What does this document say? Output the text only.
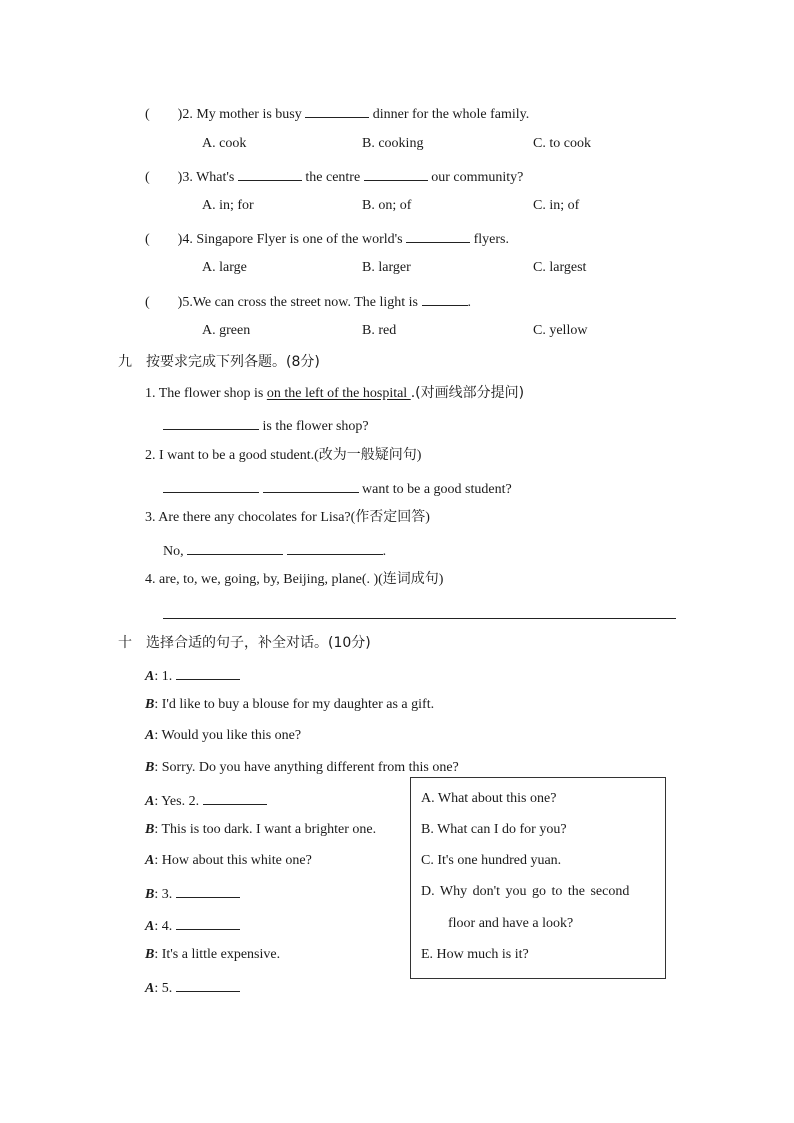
( )2. My mother is busy	dinner for the whole family.
A. cook	B. cooking	C. to cook
( )3. What's	the centre	our community?
A. in; for	B. on; of	C. in; of
( )4. Singapore Flyer is one of the world's	flyers.
A. large	B. larger	C. largest
( )5.We can cross the street now. The light is	.
A. green	B. red	C. yellow
九　按要求完成下列各题。(8分)
1. The flower shop is on the left of the hospital .(对画线部分提问)
is the flower shop?
2. I want to be a good student.(改为一般疑问句)
want to be a good student?
3. Are there any chocolates for Lisa?(作否定回答)
No,	.
4. are, to, we, going, by, Beijing, plane(. )(连词成句)
十　选择合适的句子，补全对话。(10分)
A. What about this one?
B. What can I do for you?
C. It's one hundred yuan.
D. Why don't you go to the second
floor and have a look?
E. How much is it?
A: 1.
B: I'd like to buy a blouse for my daughter as a gift.
A: Would you like this one?
B: Sorry. Do you have anything different from this one?
A: Yes. 2.
B: This is too dark. I want a brighter one.
A: How about this white one?
B: 3.
A: 4.
B: It's a little expensive.
A: 5.
